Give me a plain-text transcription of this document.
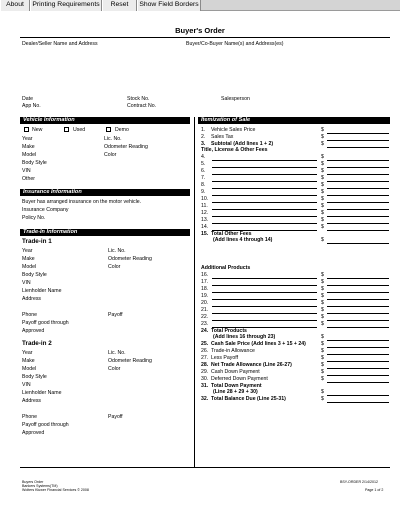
About	Printing Requirements	Reset	Show Field Borders
Buyer's Order
Dealer/Seller Name and Address	Buyer/Co-Buyer Name(s) and Address(es)
Date	Stock No.	Salesperson
App No.	Contract No.
Vehicle Information
Insurance Information
Trade-In Information
Itemization of Sale
New	Used	Demo
Year	Lic. No.
Make	Odometer Reading
Model	Color
Body Style
VIN
Other
Buyer has arranged insurance on the motor vehicle.
Insurance Company
Policy No.
Trade-in 1
Year	Lic. No.
Make	Odometer Reading
Model	Color
Body Style
VIN
Lienholder Name
Address
Phone	Payoff
Payoff good through
Approved
Trade-in 2
Year	Lic. No.
Make	Odometer Reading
Model	Color
Body Style
VIN
Lienholder Name
Address
Phone	Payoff
Payoff good through
Approved
Title, License & Other Fees
Additional Products
1. Vehicle Sales Price	$
2. Sales Tax	$
3. Subtotal (Add lines 1 + 2)	$
4.	$
5.	$
6.	$
7.	$
8.	$
9.	$
10.	$
11.	$
12.	$
13.	$
14.	$
15. Total Other Fees
(Add lines 4 through 14)	$
16.	$
17.	$
18.	$
19.	$
20.	$
21.	$
22.	$
23.	$
24. Total Products
(Add lines 16 through 23)	$
25. Cash Sale Price (Add lines 3 + 15 + 24)	$
26. Trade-in Allowance	$
27. Less Payoff	$
28. Net Trade Allowance (Line 26-27)	$
29. Cash Down Payment	$
30. Deferred Down Payment	$
31. Total Down Payment
(Line 28 + 29 + 30)	$
32. Total Balance Due (Line 25-31)	$
Buyers Order
Bankers Systems(TM)
Wolters Kluwer Financial Services © 2008
BSY-ORDER 2/14/2012
Page 1 of 2
